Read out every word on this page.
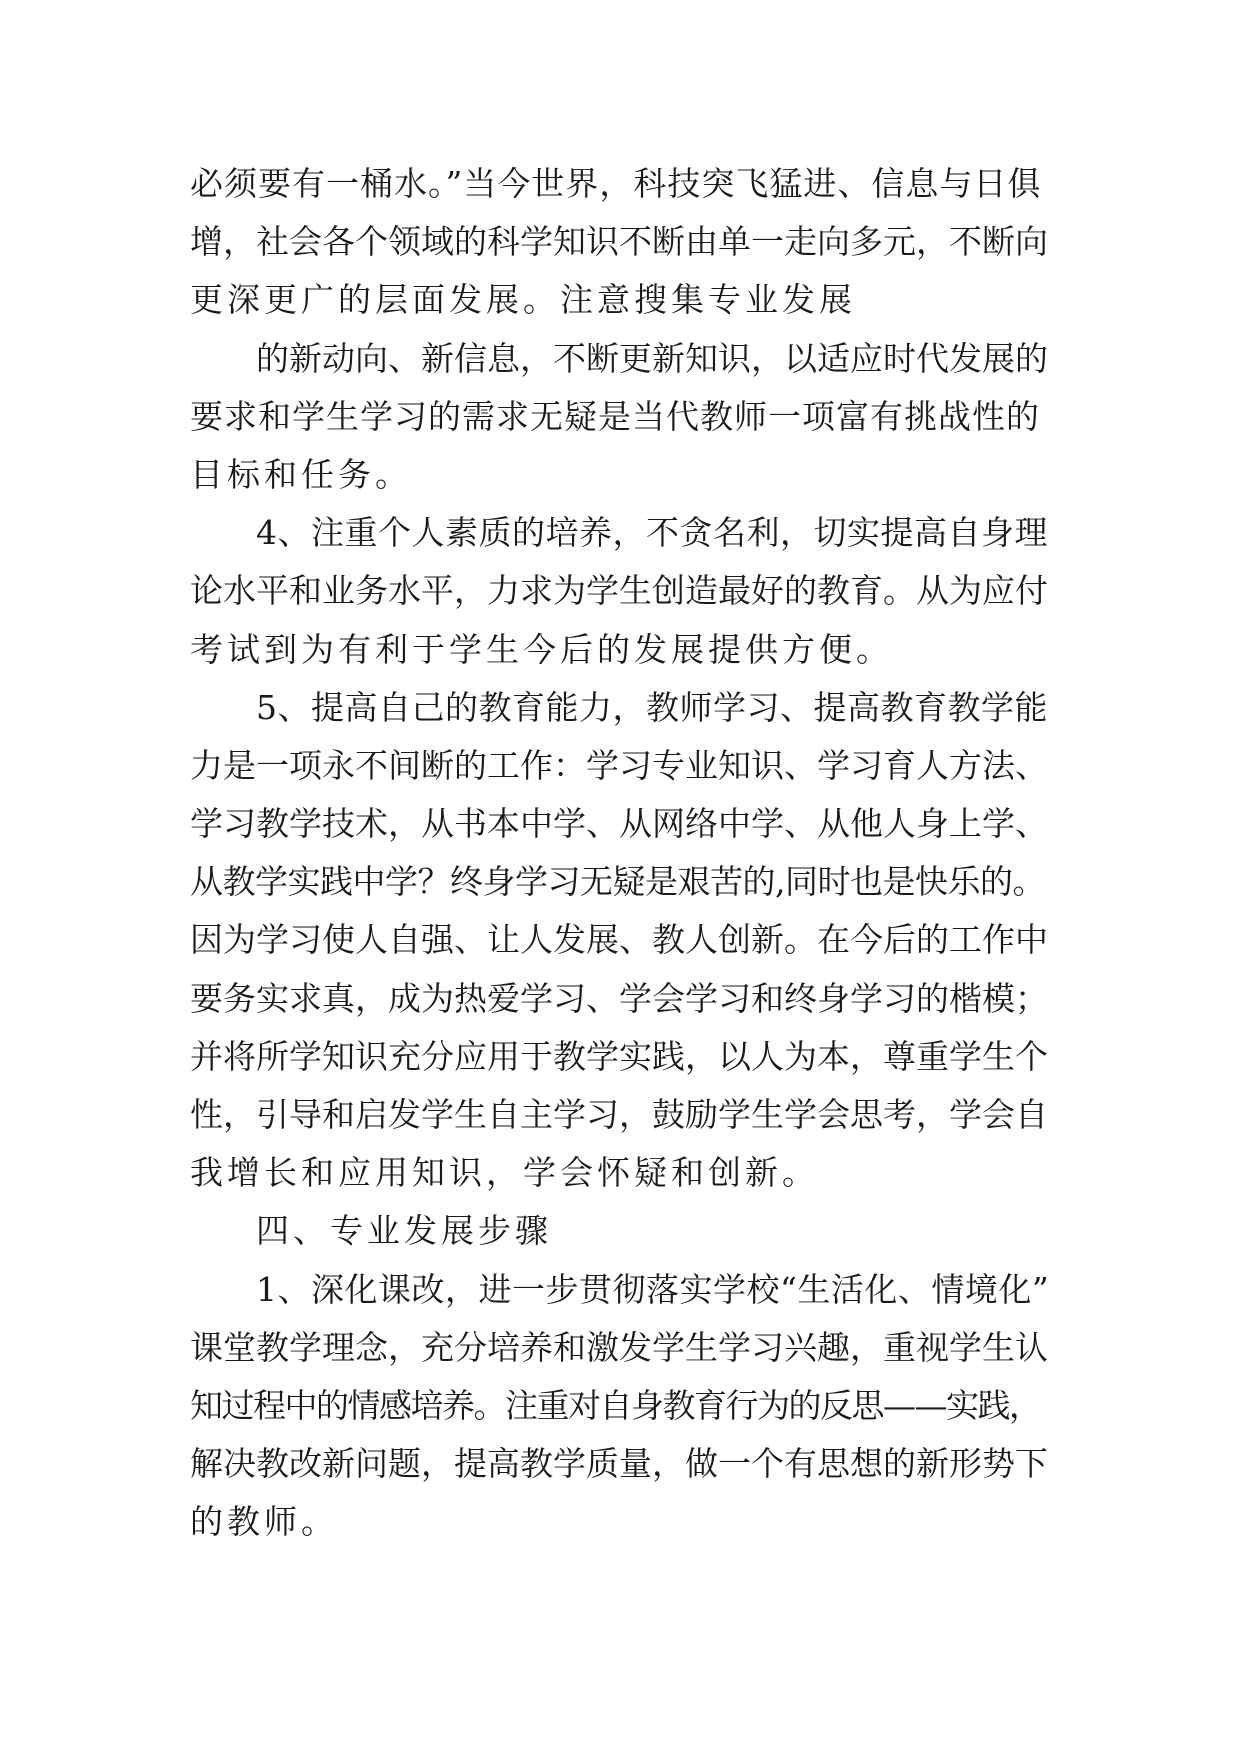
必须要有一桶水。”当今世界，科技突飞猛进、信息与日俱
增，社会各个领域的科学知识不断由单一走向多元，不断向
更深更广的层面发展。注意搜集专业发展
的新动向、新信息，不断更新知识，以适应时代发展的
要求和学生学习的需求无疑是当代教师一项富有挑战性的
目标和任务。
4、注重个人素质的培养，不贪名利，切实提高自身理
论水平和业务水平，力求为学生创造最好的教育。从为应付
考试到为有利于学生今后的发展提供方便。
5、提高自己的教育能力，教师学习、提高教育教学能
力是一项永不间断的工作：学习专业知识、学习育人方法、
学习教学技术，从书本中学、从网络中学、从他人身上学、
从教学实践中学？终身学习无疑是艰苦的,同时也是快乐的。
因为学习使人自强、让人发展、教人创新。在今后的工作中
要务实求真，成为热爱学习、学会学习和终身学习的楷模；
并将所学知识充分应用于教学实践，以人为本，尊重学生个
性，引导和启发学生自主学习，鼓励学生学会思考，学会自
我增长和应用知识，学会怀疑和创新。
四、专业发展步骤
1、深化课改，进一步贯彻落实学校“生活化、情境化”
课堂教学理念，充分培养和激发学生学习兴趣，重视学生认
知过程中的情感培养。注重对自身教育行为的反思——实践，
解决教改新问题，提高教学质量，做一个有思想的新形势下
的教师。
